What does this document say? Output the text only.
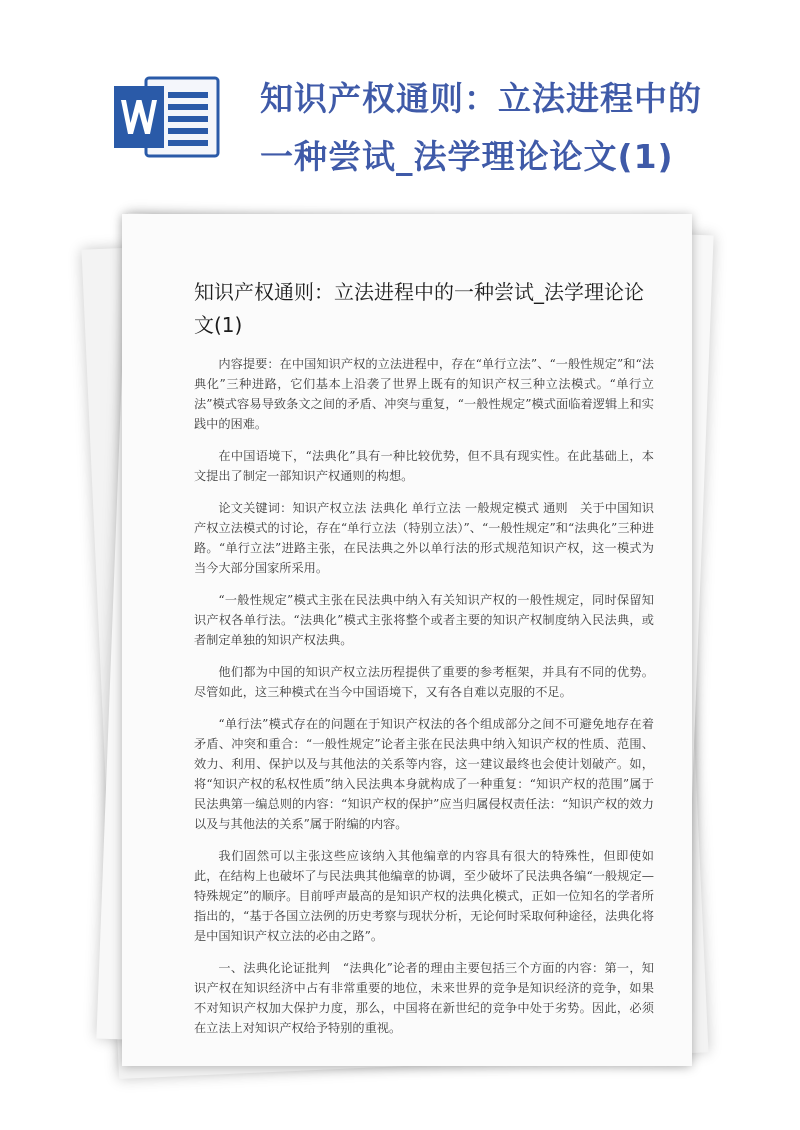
知识产权通则：立法进程中的
一种尝试_法学理论论文(1)
知识产权通则：立法进程中的一种尝试_法学理论论文(1)

内容提要：在中国知识产权的立法进程中，存在“单行立法”、“一般性规定”和“法典化”三种进路，它们基本上沿袭了世界上既有的知识产权三种立法模式。“单行立法”模式容易导致条文之间的矛盾、冲突与重复，“一般性规定”模式面临着逻辑上和实践中的困难。

在中国语境下，“法典化”具有一种比较优势，但不具有现实性。在此基础上，本文提出了制定一部知识产权通则的构想。

论文关键词：知识产权立法 法典化 单行立法 一般规定模式 通则　关于中国知识产权立法模式的讨论，存在“单行立法（特别立法）”、“一般性规定”和“法典化”三种进路。“单行立法”进路主张，在民法典之外以单行法的形式规范知识产权，这一模式为当今大部分国家所采用。

“一般性规定”模式主张在民法典中纳入有关知识产权的一般性规定，同时保留知识产权各单行法。“法典化”模式主张将整个或者主要的知识产权制度纳入民法典，或者制定单独的知识产权法典。

他们都为中国的知识产权立法历程提供了重要的参考框架，并具有不同的优势。尽管如此，这三种模式在当今中国语境下，又有各自难以克服的不足。

“单行法”模式存在的问题在于知识产权法的各个组成部分之间不可避免地存在着矛盾、冲突和重合：“一般性规定”论者主张在民法典中纳入知识产权的性质、范围、效力、利用、保护以及与其他法的关系等内容，这一建议最终也会使计划破产。如，将“知识产权的私权性质”纳入民法典本身就构成了一种重复：“知识产权的范围”属于民法典第一编总则的内容：“知识产权的保护”应当归属侵权责任法：“知识产权的效力以及与其他法的关系”属于附编的内容。

我们固然可以主张这些应该纳入其他编章的内容具有很大的特殊性，但即使如此，在结构上也破坏了与民法典其他编章的协调，至少破坏了民法典各编“一般规定—特殊规定”的顺序。目前呼声最高的是知识产权的法典化模式，正如一位知名的学者所指出的，“基于各国立法例的历史考察与现状分析，无论何时采取何种途径，法典化将是中国知识产权立法的必由之路”。

一、法典化论证批判　“法典化”论者的理由主要包括三个方面的内容：第一，知识产权在知识经济中占有非常重要的地位，未来世界的竞争是知识经济的竞争，如果不对知识产权加大保护力度，那么，中国将在新世纪的竞争中处于劣势。因此，必须在立法上对知识产权给予特别的重视。
